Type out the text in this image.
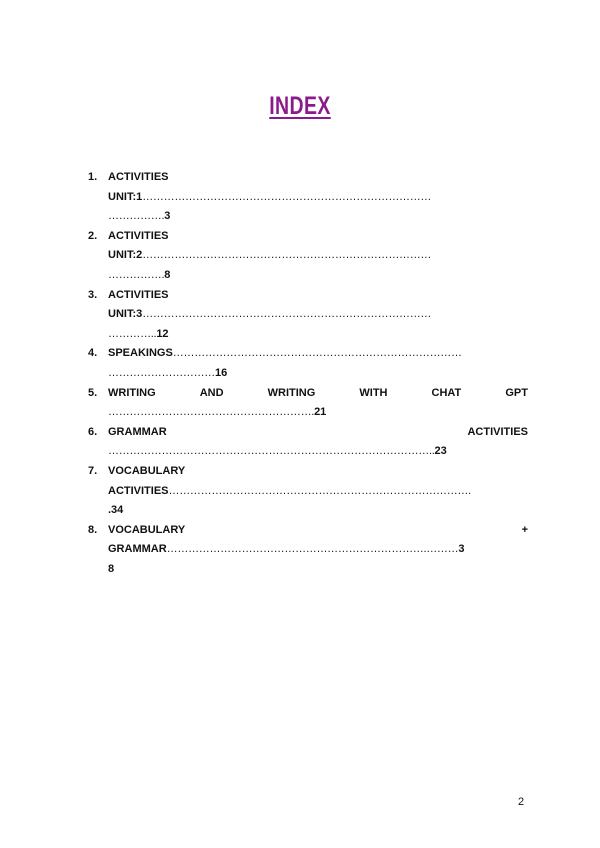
INDEX
1. ACTIVITIES
UNIT:1………………………………………………………………………
…………….3
2. ACTIVITIES
UNIT:2………………………………………………………………………
…………….8
3. ACTIVITIES
UNIT:3………………………………………………………………………
…………..12
4. SPEAKINGS………………………………………………………………………
…………………………16
5. WRITING	AND	WRITING	WITH	CHAT	GPT
………………………………………………….21
6. GRAMMAR	ACTIVITIES
………………………………………………………………………………..23
7. VOCABULARY
ACTIVITIES………………………………………………………………………….
.34
8. VOCABULARY	+
GRAMMAR……………………………………………………………….………3
8
2
